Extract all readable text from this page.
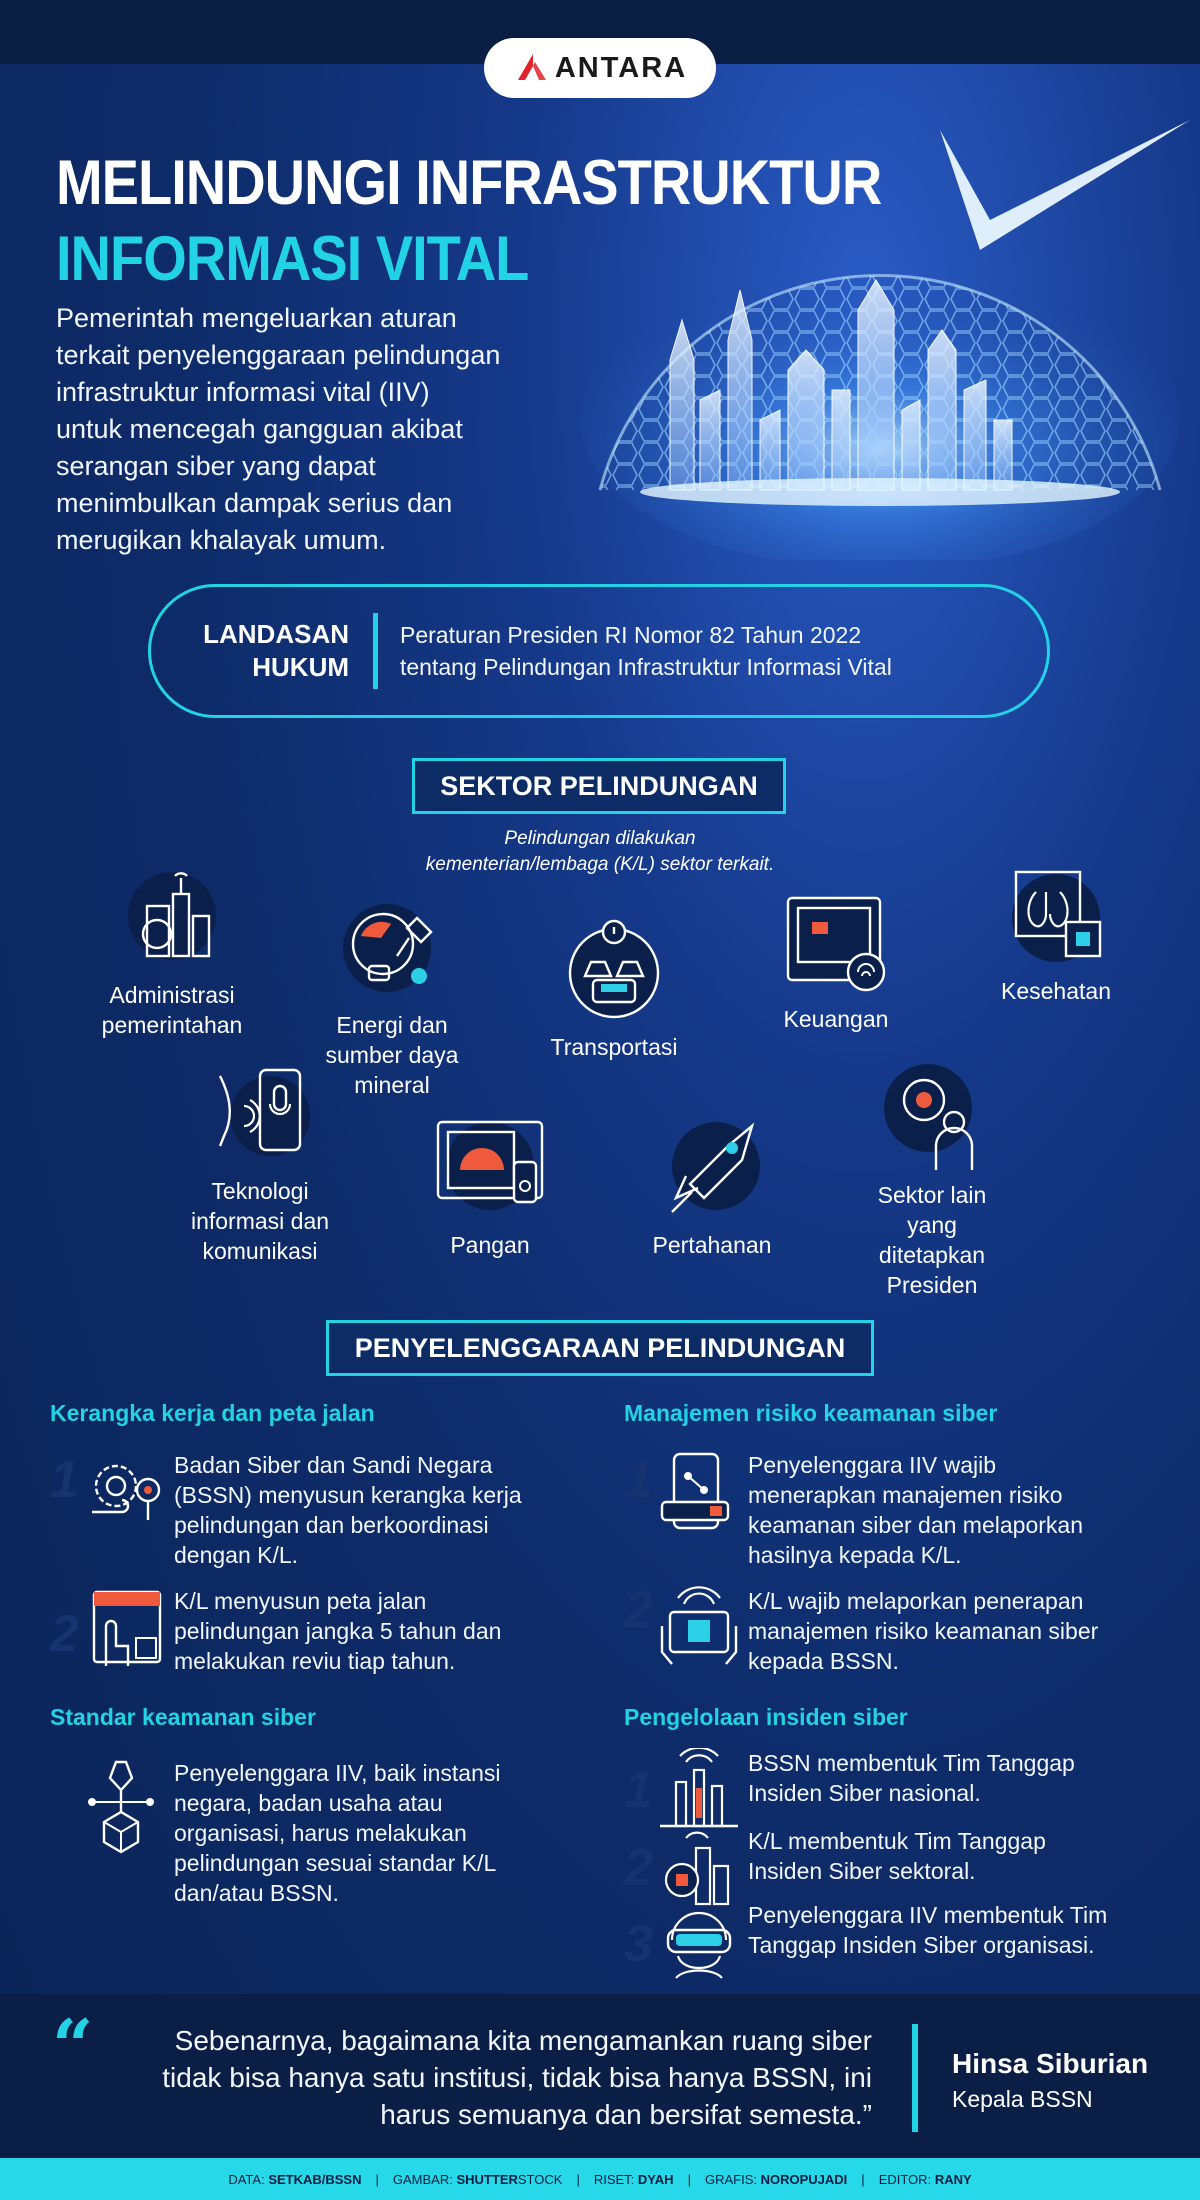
ANTARA
MELINDUNGI INFRASTRUKTUR
INFORMASI VITAL
Pemerintah mengeluarkan aturan
terkait penyelenggaraan pelindungan
infrastruktur informasi vital (IIV)
untuk mencegah gangguan akibat
serangan siber yang dapat
menimbulkan dampak serius dan
merugikan khalayak umum.
LANDASAN
HUKUM
Peraturan Presiden RI Nomor 82 Tahun 2022
tentang Pelindungan Infrastruktur Informasi Vital
SEKTOR PELINDUNGAN
Pelindungan dilakukan
kementerian/lembaga (K/L) sektor terkait.
Administrasi
pemerintahan	Energi dan
sumber daya
mineral
Transportasi
Keuangan
Kesehatan
Teknologi
informasi dan
komunikasi	Pangan	Pertahanan
Sektor lain
yang
ditetapkan
Presiden
PENYELENGGARAAN PELINDUNGAN
Kerangka kerja dan peta jalan	Manajemen risiko keamanan siber
1	Badan Siber dan Sandi Negara
(BSSN) menyusun kerangka kerja
pelindungan dan berkoordinasi
dengan K/L.
2
K/L menyusun peta jalan
pelindungan jangka 5 tahun dan
melakukan reviu tiap tahun.
1	Penyelenggara IIV wajib
menerapkan manajemen risiko
keamanan siber dan melaporkan
hasilnya kepada K/L.
2	K/L wajib melaporkan penerapan
manajemen risiko keamanan siber
kepada BSSN.
Standar keamanan siber	Pengelolaan insiden siber
Penyelenggara IIV, baik instansi
negara, badan usaha atau
organisasi, harus melakukan
pelindungan sesuai standar K/L
dan/atau BSSN.
1	BSSN membentuk Tim Tanggap
Insiden Siber nasional.
2	K/L membentuk Tim Tanggap
Insiden Siber sektoral.
3	Penyelenggara IIV membentuk Tim
Tanggap Insiden Siber organisasi.
“	Sebenarnya, bagaimana kita mengamankan ruang siber
tidak bisa hanya satu institusi, tidak bisa hanya BSSN, ini
harus semuanya dan bersifat semesta.”
Hinsa Siburian
Kepala BSSN
DATA: SETKAB/BSSN | GAMBAR: SHUTTERSTOCK | RISET: DYAH | GRAFIS: NOROPUJADI | EDITOR: RANY
